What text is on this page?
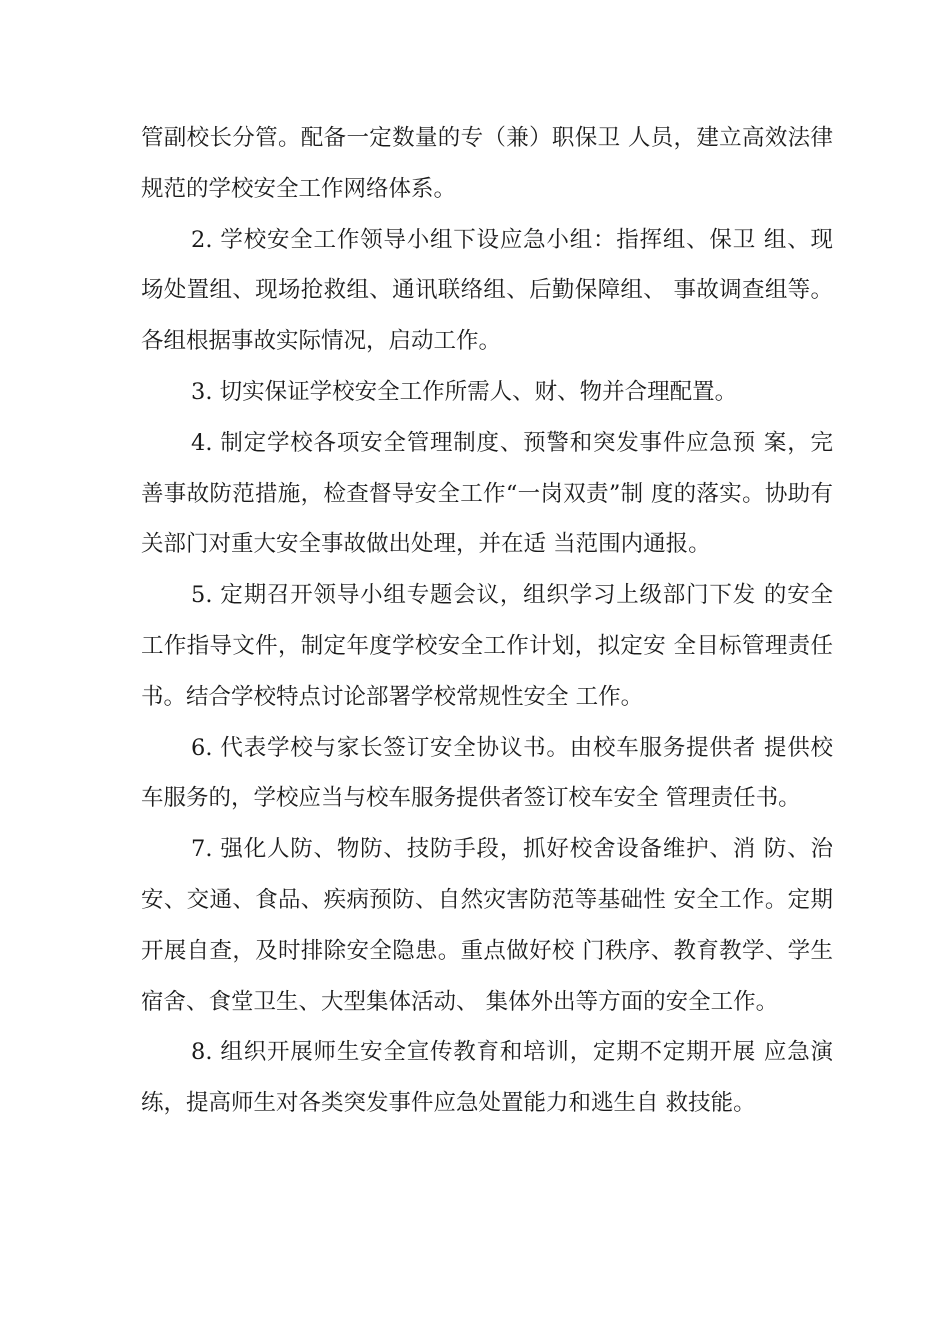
管副校长分管。配备一定数量的专（兼）职保卫 人员，建立高效法律规范的学校安全工作网络体系。

2. 学校安全工作领导小组下设应急小组：指挥组、保卫 组、现场处置组、现场抢救组、通讯联络组、后勤保障组、 事故调查组等。各组根据事故实际情况，启动工作。

3. 切实保证学校安全工作所需人、财、物并合理配置。

4. 制定学校各项安全管理制度、预警和突发事件应急预 案，完善事故防范措施，检查督导安全工作“一岗双责”制 度的落实。协助有关部门对重大安全事故做出处理，并在适 当范围内通报。

5. 定期召开领导小组专题会议，组织学习上级部门下发 的安全工作指导文件，制定年度学校安全工作计划，拟定安 全目标管理责任书。结合学校特点讨论部署学校常规性安全 工作。

6. 代表学校与家长签订安全协议书。由校车服务提供者 提供校车服务的，学校应当与校车服务提供者签订校车安全 管理责任书。

7. 强化人防、物防、技防手段，抓好校舍设备维护、消 防、治安、交通、食品、疾病预防、自然灾害防范等基础性 安全工作。定期开展自查，及时排除安全隐患。重点做好校 门秩序、教育教学、学生宿舍、食堂卫生、大型集体活动、 集体外出等方面的安全工作。

8. 组织开展师生安全宣传教育和培训，定期不定期开展 应急演练，提高师生对各类突发事件应急处置能力和逃生自 救技能。
